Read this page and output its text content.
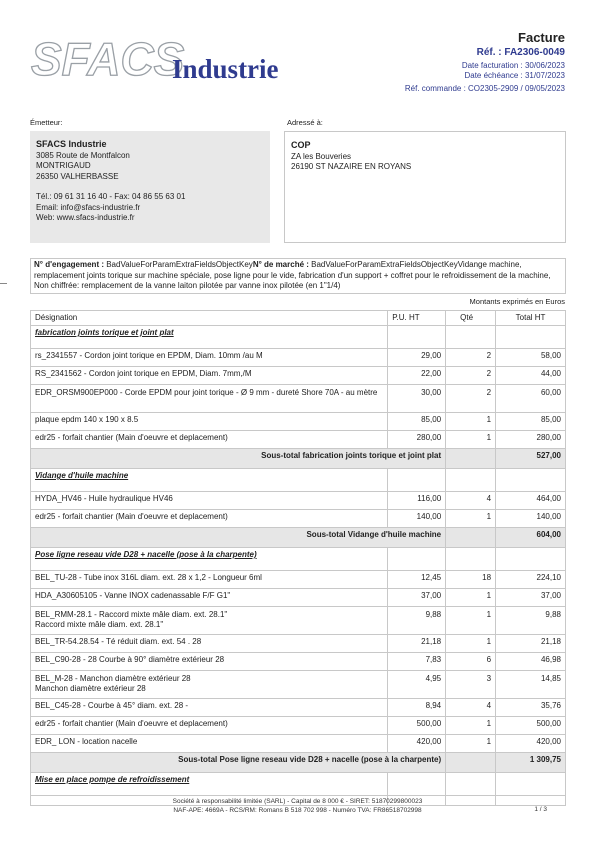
SFACS
Industrie
Facture
Réf. : FA2306-0049
Date facturation : 30/06/2023
Date échéance : 31/07/2023
Réf. commande : CO2305-2909 / 09/05/2023
Émetteur:	Adressé à:
SFACS Industrie
3085 Route de Montfalcon
MONTRIGAUD
26350 VALHERBASSE
Tél.: 09 61 31 16 40 - Fax: 04 86 55 63 01
Email: info@sfacs-industrie.fr
Web: www.sfacs-industrie.fr
COP
ZA les Bouveries
26190 ST NAZAIRE EN ROYANS
N° d'engagement : BadValueForParamExtraFieldsObjectKeyN° de marché : BadValueForParamExtraFieldsObjectKeyVidange machine, remplacement joints torique sur machine spéciale, pose ligne pour le vide, fabrication d'un support + coffret pour le refroidissement de la machine, Non chiffrée: remplacement de la vanne laiton pilotée par vanne inox pilotée (en 1"1/4)
Montants exprimés en Euros
Désignation	P.U. HT	Qté	Total HT
fabrication joints torique et joint plat			
rs_2341557 - Cordon joint torique en EPDM, Diam. 10mm /au M	29,00	2	58,00
RS_2341562 - Cordon joint torique en EPDM, Diam. 7mm,/M	22,00	2	44,00
EDR_ORSM900EP000 - Corde EPDM pour joint torique - Ø 9 mm - dureté Shore 70A - au mètre	30,00	2	60,00
plaque epdm 140 x 190 x 8.5	85,00	1	85,00
edr25 - forfait chantier (Main d'oeuvre et deplacement)	280,00	1	280,00
Sous-total fabrication joints torique et joint plat			527,00
Vidange d'huile machine			
HYDA_HV46 - Huile hydraulique HV46	116,00	4	464,00
edr25 - forfait chantier (Main d'oeuvre et deplacement)	140,00	1	140,00
Sous-total Vidange d'huile machine			604,00
Pose ligne reseau vide D28 + nacelle (pose à la charpente)			
BEL_TU-28 - Tube inox 316L diam. ext. 28 x 1,2 - Longueur 6ml	12,45	18	224,10
HDA_A30605105 - Vanne INOX cadenassable F/F G1"	37,00	1	37,00

BEL_RMM-28.1 - Raccord mixte mâle diam. ext. 28.1"
Raccord mixte mâle diam. ext. 28.1"	9,88	1	9,88
BEL_TR-54.28.54 - Té réduit diam. ext. 54 . 28	21,18	1	21,18
BEL_C90-28 - 28 Courbe à 90° diamètre extérieur 28	7,83	6	46,98

BEL_M-28 - Manchon diamètre extérieur 28
Manchon diamètre extérieur 28	4,95	3	14,85
BEL_C45-28 - Courbe à 45° diam. ext. 28 -	8,94	4	35,76
edr25 - forfait chantier (Main d'oeuvre et deplacement)	500,00	1	500,00
EDR_ LON - location nacelle	420,00	1	420,00
Sous-total Pose ligne reseau vide D28 + nacelle (pose à la charpente)			1 309,75
Mise en place pompe de refroidissement			

Société à responsabilité limitée (SARL) - Capital de 8 000 € - SIRET: 51870299800023
NAF-APE: 4669A - RCS/RM: Romans B 518 702 998 - Numéro TVA: FR86518702998	1 / 3
